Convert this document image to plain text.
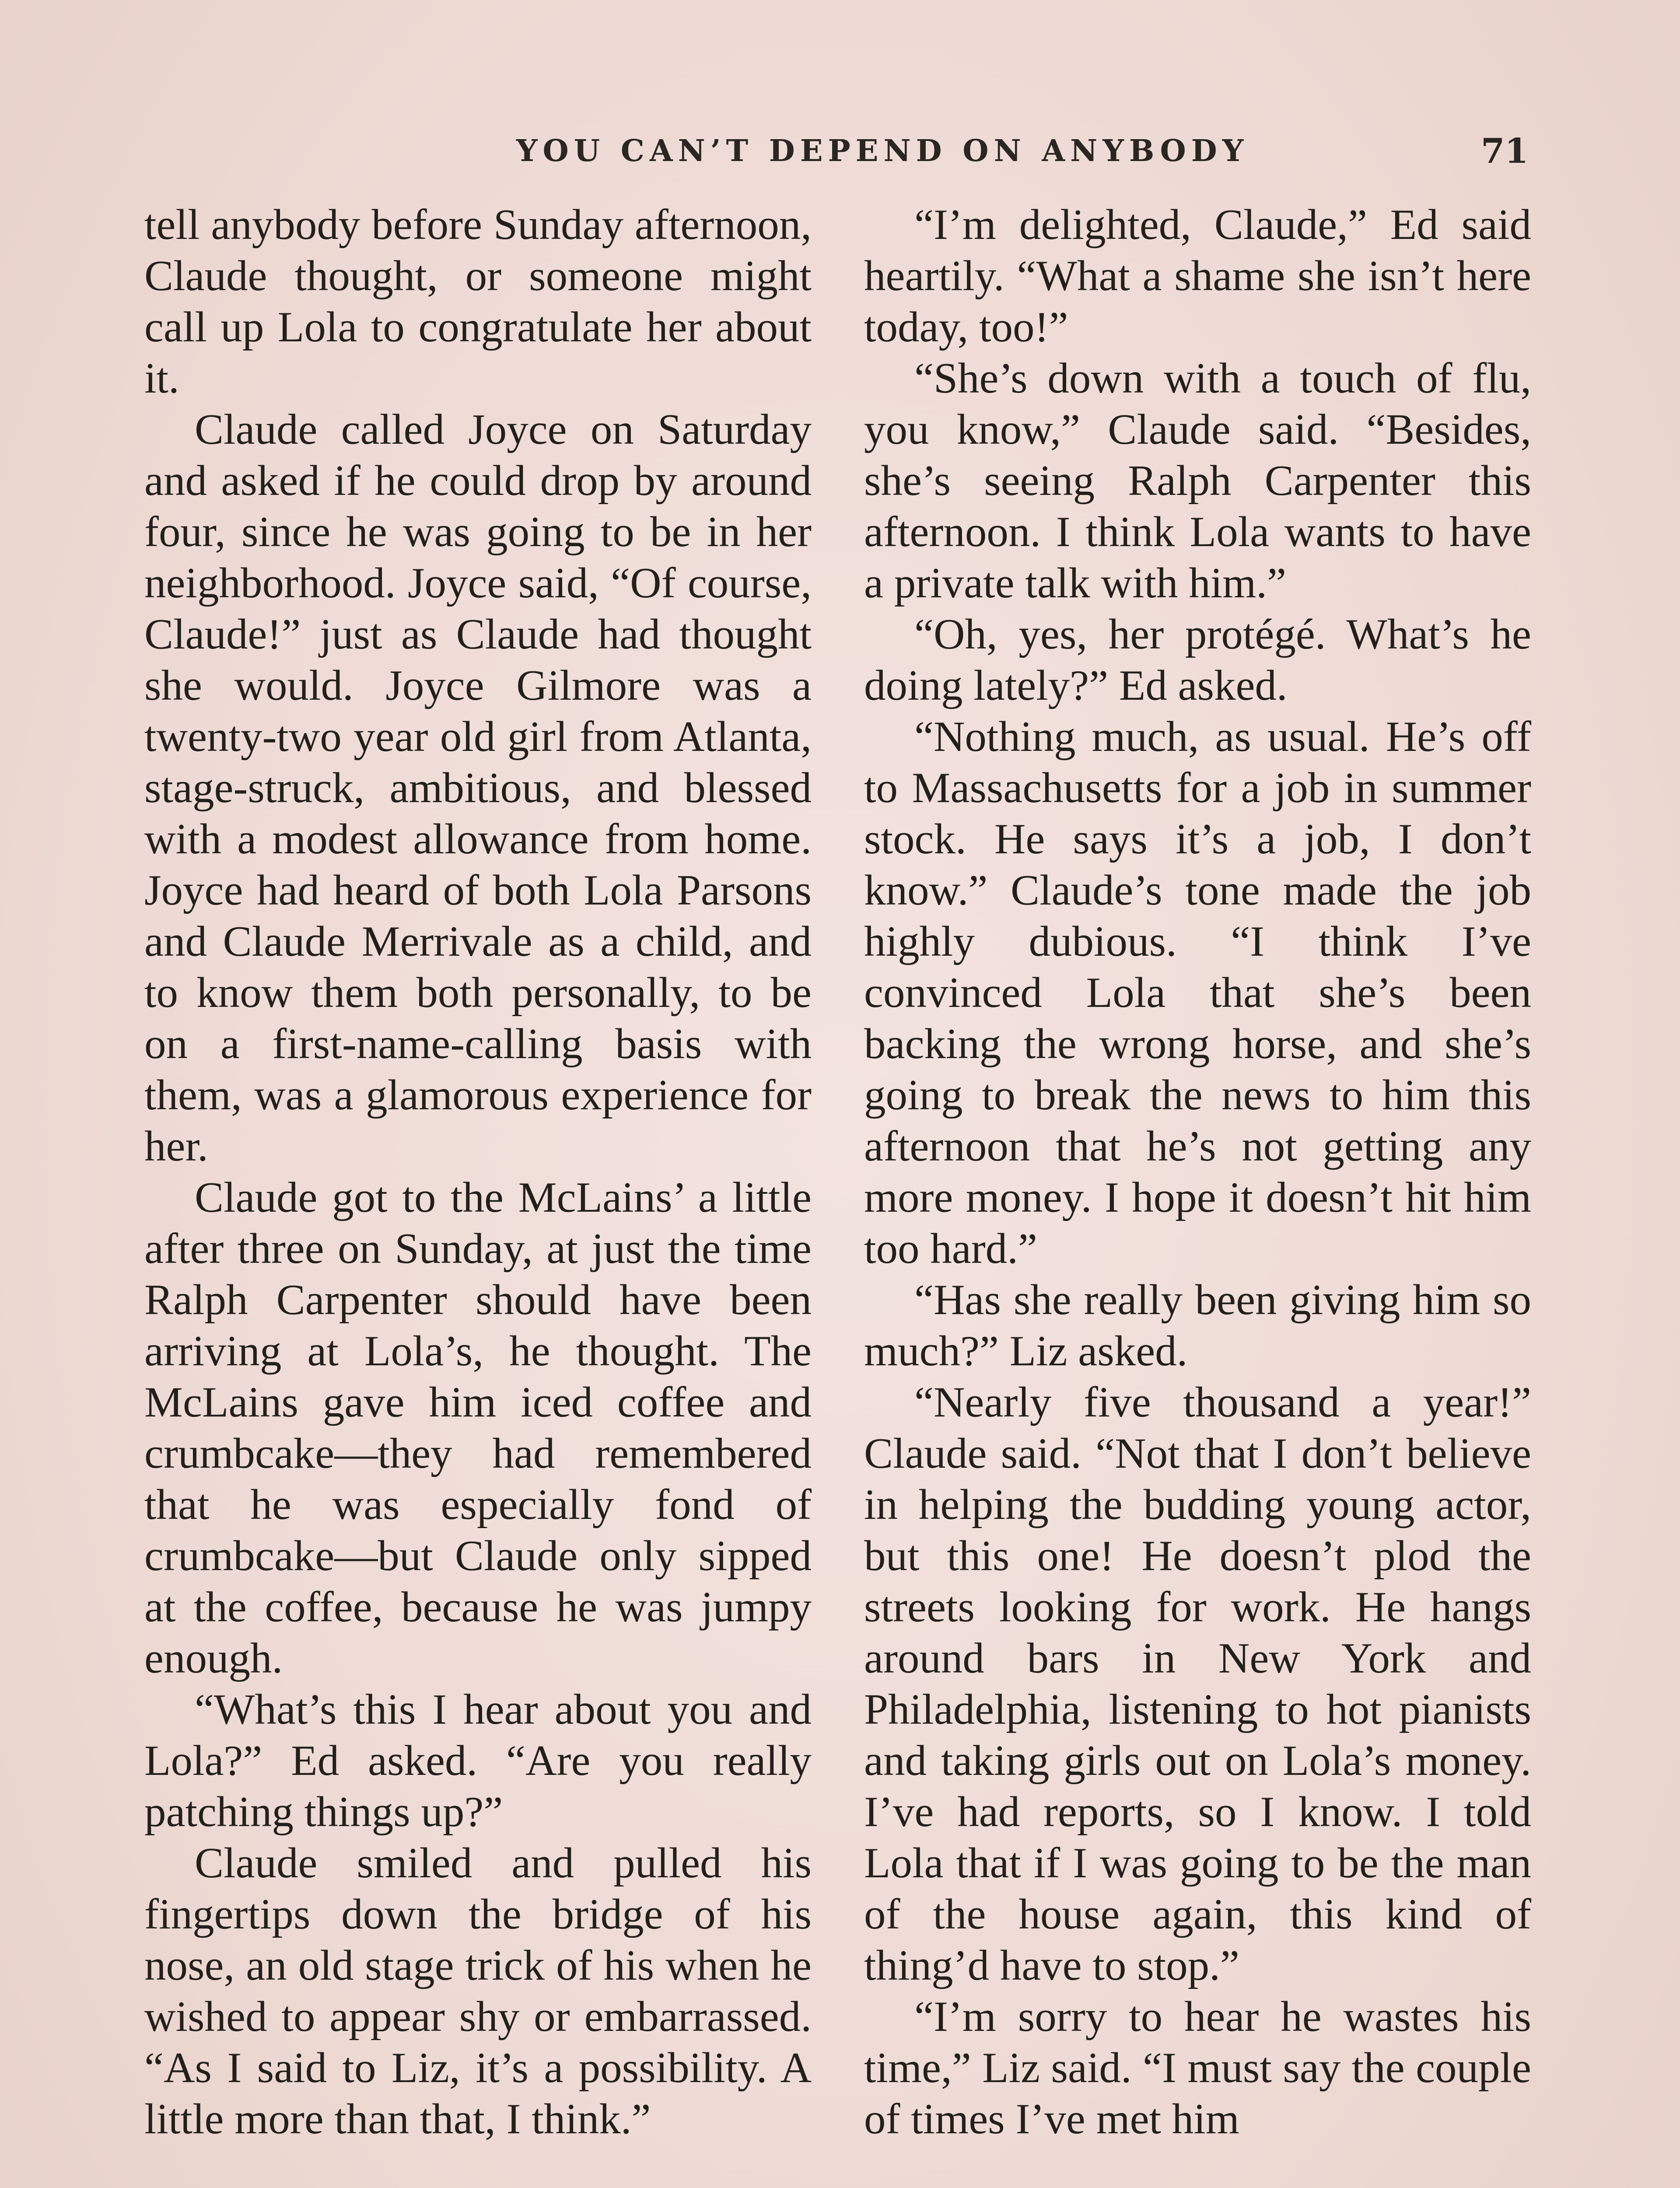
YOU CAN’T DEPEND ON ANYBODY	71

tell anybody before Sunday afternoon, Claude thought, or someone might call up Lola to congratulate her about it.

Claude called Joyce on Saturday and asked if he could drop by around four, since he was going to be in her neighborhood. Joyce said, “Of course, Claude!” just as Claude had thought she would. Joyce Gilmore was a twenty-two year old girl from Atlanta, stage-struck, ambitious, and blessed with a modest allowance from home. Joyce had heard of both Lola Parsons and Claude Merrivale as a child, and to know them both personally, to be on a first-name-calling basis with them, was a glamorous experience for her.

Claude got to the McLains’ a little after three on Sunday, at just the time Ralph Carpenter should have been arriving at Lola’s, he thought. The McLains gave him iced coffee and crumbcake—they had remembered that he was especially fond of crumbcake—but Claude only sipped at the coffee, because he was jumpy enough.

“What’s this I hear about you and Lola?” Ed asked. “Are you really patching things up?”

Claude smiled and pulled his fingertips down the bridge of his nose, an old stage trick of his when he wished to appear shy or embarrassed. “As I said to Liz, it’s a possibility. A little more than that, I think.”

“I’m delighted, Claude,” Ed said heartily. “What a shame she isn’t here today, too!”

“She’s down with a touch of flu, you know,” Claude said. “Besides, she’s seeing Ralph Carpenter this afternoon. I think Lola wants to have a private talk with him.”

“Oh, yes, her protégé. What’s he doing lately?” Ed asked.

“Nothing much, as usual. He’s off to Massachusetts for a job in summer stock. He says it’s a job, I don’t know.” Claude’s tone made the job highly dubious. “I think I’ve convinced Lola that she’s been backing the wrong horse, and she’s going to break the news to him this afternoon that he’s not getting any more money. I hope it doesn’t hit him too hard.”

“Has she really been giving him so much?” Liz asked.

“Nearly five thousand a year!” Claude said. “Not that I don’t believe in helping the budding young actor, but this one! He doesn’t plod the streets looking for work. He hangs around bars in New York and Philadelphia, listening to hot pianists and taking girls out on Lola’s money. I’ve had reports, so I know. I told Lola that if I was going to be the man of the house again, this kind of thing’d have to stop.”

“I’m sorry to hear he wastes his time,” Liz said. “I must say the couple of times I’ve met him
